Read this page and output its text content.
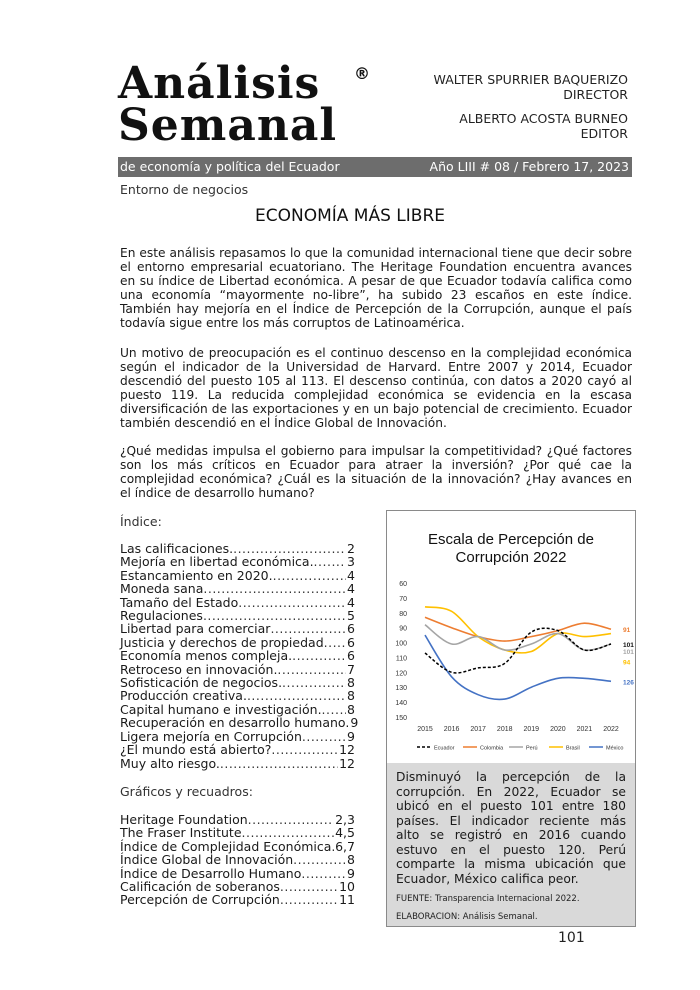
Análisis ®
Semanal
WALTER SPURRIER BAQUERIZO
DIRECTOR
ALBERTO ACOSTA BURNEO
EDITOR
de economía y política del Ecuador	Año LIII # 08 / Febrero 17, 2023
Entorno de negocios
ECONOMÍA MÁS LIBRE
En este análisis repasamos lo que la comunidad internacional tiene que decir sobre el entorno empresarial ecuatoriano. The Heritage Foundation encuentra avances en su índice de Libertad económica. A pesar de que Ecuador todavía califica como una economía “mayormente no-libre”, ha subido 23 escaños en este índice. También hay mejoría en el Índice de Percepción de la Corrupción, aunque el país todavía sigue entre los más corruptos de Latinoamérica.
Un motivo de preocupación es el continuo descenso en la complejidad económica según el indicador de la Universidad de Harvard. Entre 2007 y 2014, Ecuador descendió del puesto 105 al 113. El descenso continúa, con datos a 2020 cayó al puesto 119. La reducida complejidad económica se evidencia en la escasa diversificación de las exportaciones y en un bajo potencial de crecimiento. Ecuador también descendió en el Índice Global de Innovación.
¿Qué medidas impulsa el gobierno para impulsar la competitividad? ¿Qué factores son los más críticos en Ecuador para atraer la inversión? ¿Por qué cae la complejidad económica? ¿Cuál es la situación de la innovación? ¿Hay avances en el índice de desarrollo humano?
Índice:
Las calificaciones. .....	2
Mejoría en libertad económica. .....	3
Estancamiento en 2020. .....	4
Moneda sana .....	4
Tamaño del Estado .....	4
Regulaciones .....	5
Libertad para comerciar .....	6
Justicia y derechos de propiedad ..... 6
Economía menos compleja. .....	6
Retroceso en innovación. .....	7
Sofisticación de negocios. .....	8
Producción creativa. .....	8
Capital humano e investigación. ..... 8
Recuperación en desarrollo humano. 9
Ligera mejoría en Corrupción .....	9
¿El mundo está abierto? .....	12
Muy alto riesgo. .....	12
Gráficos y recuadros:
Heritage Foundation .....	2,3
The Fraser Institute .....	4,5
Índice de Complejidad Económica ..... 6,7
Índice Global de Innovación .....	8
Índice de Desarrollo Humano .....	9
Calificación de soberanos .....	10
Percepción de Corrupción .....	11
Escala de Percepción de
Corrupción 2022
60
70
80
90
100
110
120
130
140
150
2015 2016 2017 2018 2019 2020 2021 2022
101
91
101
94
126
Ecuador	Colombia	Perú	Brasil	México
Disminuyó la percepción de la corrupción. En 2022, Ecuador se ubicó en el puesto 101 entre 180 países. El indicador reciente más alto se registró en 2016 cuando estuvo en el puesto 120. Perú comparte la misma ubicación que Ecuador, México califica peor.
FUENTE: Transparencia Internacional 2022.
ELABORACION: Análisis Semanal.
101
